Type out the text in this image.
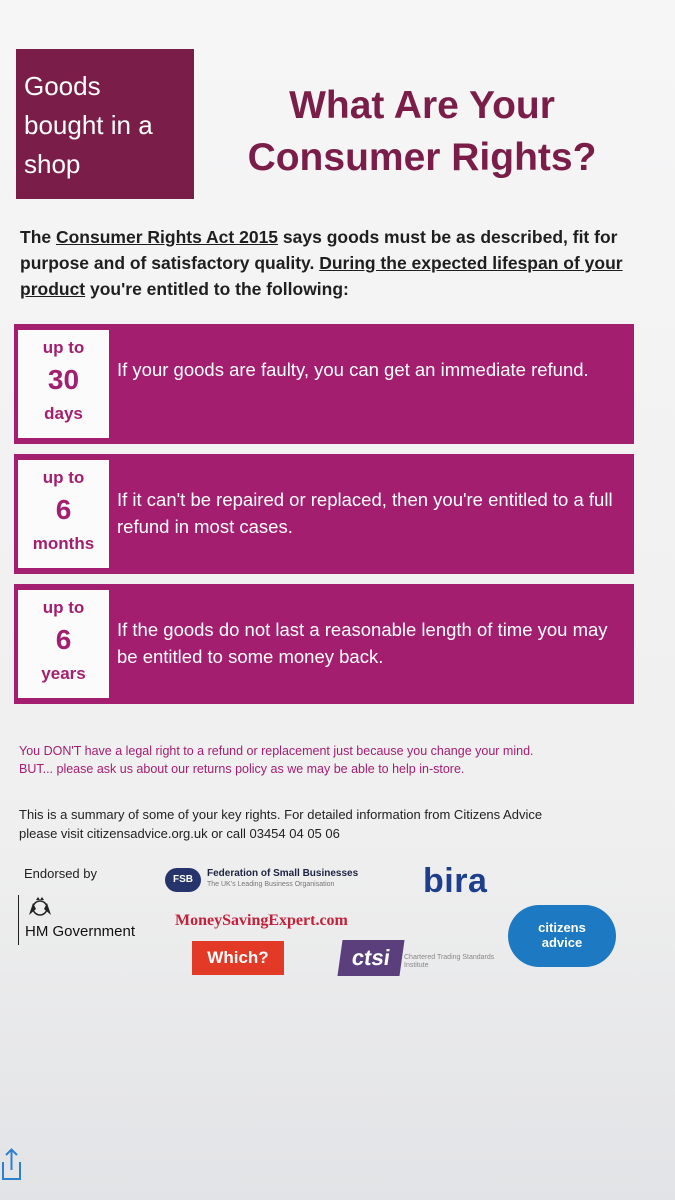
Goods bought in a shop
What Are Your Consumer Rights?

The Consumer Rights Act 2015 says goods must be as described, fit for purpose and of satisfactory quality. During the expected lifespan of your product you're entitled to the following:

up to
30
days
If your goods are faulty, you can get an immediate refund.
up to
6
months
If it can't be repaired or replaced, then you're entitled to a full refund in most cases.
up to
6
years
If the goods do not last a reasonable length of time you may be entitled to some money back.
You DON'T have a legal right to a refund or replacement just because you change your mind.
BUT... please ask us about our returns policy as we may be able to help in-store.
This is a summary of some of your key rights. For detailed information from Citizens Advice
please visit citizensadvice.org.uk or call 03454 04 05 06
Endorsed by
HM Government
FSB
Federation of Small Businesses
The UK's Leading Business Organisation	bira
MoneySavingExpert.com
Which?	ctsi	Chartered Trading Standards Institute
citizens
advice
